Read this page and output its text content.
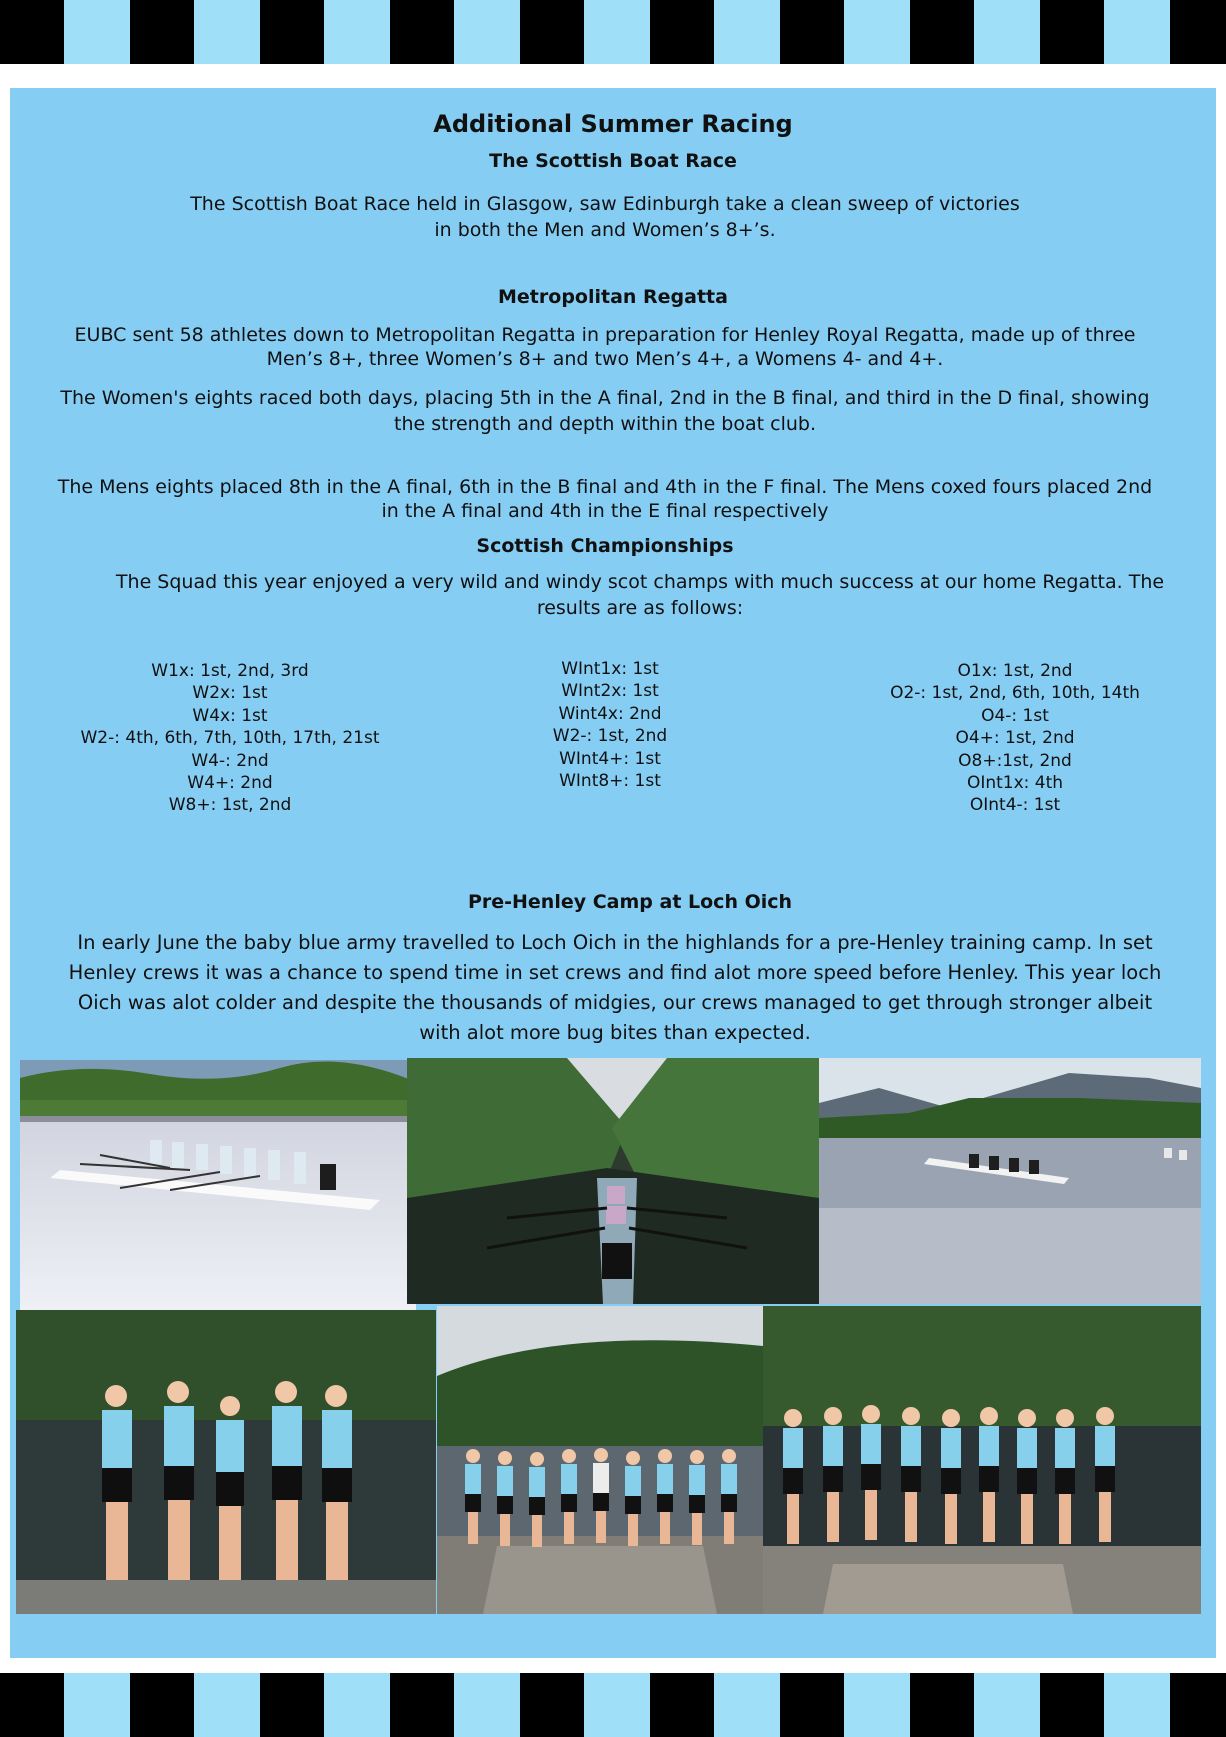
Additional Summer Racing
The Scottish Boat Race
The Scottish Boat Race held in Glasgow, saw Edinburgh take a clean sweep of victories in both the Men and Women’s 8+’s.
Metropolitan Regatta
EUBC sent 58 athletes down to Metropolitan Regatta in preparation for Henley Royal Regatta, made up of three Men’s 8+, three Women’s 8+ and two Men’s 4+, a Womens 4- and 4+.
The Women's eights raced both days, placing 5th in the A final, 2nd in the B final, and third in the D final, showing the strength and depth within the boat club.
The Mens eights placed 8th in the A final, 6th in the B final and 4th in the F final. The Mens coxed fours placed 2nd in the A final and 4th in the E final respectively
Scottish Championships
The Squad this year enjoyed a very wild and windy scot champs with much success at our home Regatta. The results are as follows:
W1x: 1st, 2nd, 3rd
W2x: 1st
W4x: 1st
W2-: 4th, 6th, 7th, 10th, 17th, 21st
W4-: 2nd
W4+: 2nd
W8+: 1st, 2nd
WInt1x: 1st
WInt2x: 1st
Wint4x: 2nd
W2-: 1st, 2nd
WInt4+: 1st
WInt8+: 1st
O1x: 1st, 2nd
O2-: 1st, 2nd, 6th, 10th, 14th
O4-: 1st
O4+: 1st, 2nd
O8+:1st, 2nd
OInt1x: 4th
OInt4-: 1st
Pre-Henley Camp at Loch Oich
In early June the baby blue army travelled to Loch Oich in the highlands for a pre-Henley training camp. In set Henley crews it was a chance to spend time in set crews and find alot more speed before Henley. This year loch Oich was alot colder and despite the thousands of midgies, our crews managed to get through stronger albeit with alot more bug bites than expected.
